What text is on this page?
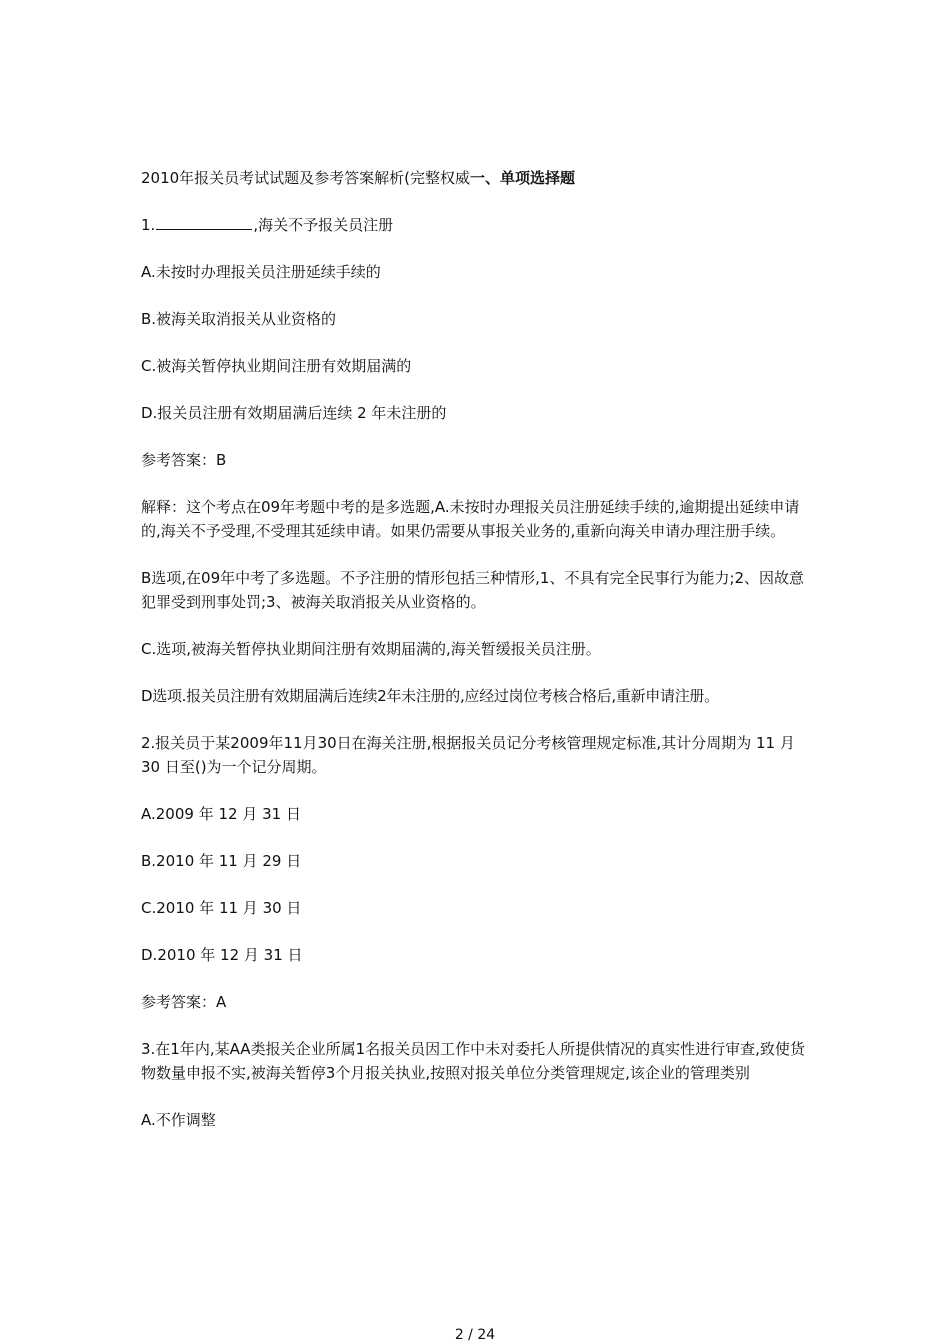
2010年报关员考试试题及参考答案解析(完整权威一、单项选择题

1.	,海关不予报关员注册

A.未按时办理报关员注册延续手续的

B.被海关取消报关从业资格的

C.被海关暂停执业期间注册有效期届满的

D.报关员注册有效期届满后连续 2 年未注册的

参考答案：B

解释：这个考点在09年考题中考的是多选题,A.未按时办理报关员注册延续手续的,逾期提出延续申请的,海关不予受理,不受理其延续申请。如果仍需要从事报关业务的,重新向海关申请办理注册手续。

B选项,在09年中考了多选题。不予注册的情形包括三种情形,1、不具有完全民事行为能力;2、因故意犯罪受到刑事处罚;3、被海关取消报关从业资格的。

C.选项,被海关暂停执业期间注册有效期届满的,海关暂缓报关员注册。

D选项.报关员注册有效期届满后连续2年未注册的,应经过岗位考核合格后,重新申请注册。

2.报关员于某2009年11月30日在海关注册,根据报关员记分考核管理规定标准,其计分周期为 11 月 30 日至()为一个记分周期。

A.2009 年 12 月 31 日

B.2010 年 11 月 29 日

C.2010 年 11 月 30 日

D.2010 年 12 月 31 日

参考答案：A

3.在1年内,某AA类报关企业所属1名报关员因工作中未对委托人所提供情况的真实性进行审查,致使货物数量申报不实,被海关暂停3个月报关执业,按照对报关单位分类管理规定,该企业的管理类别

A.不作调整

2 / 24
